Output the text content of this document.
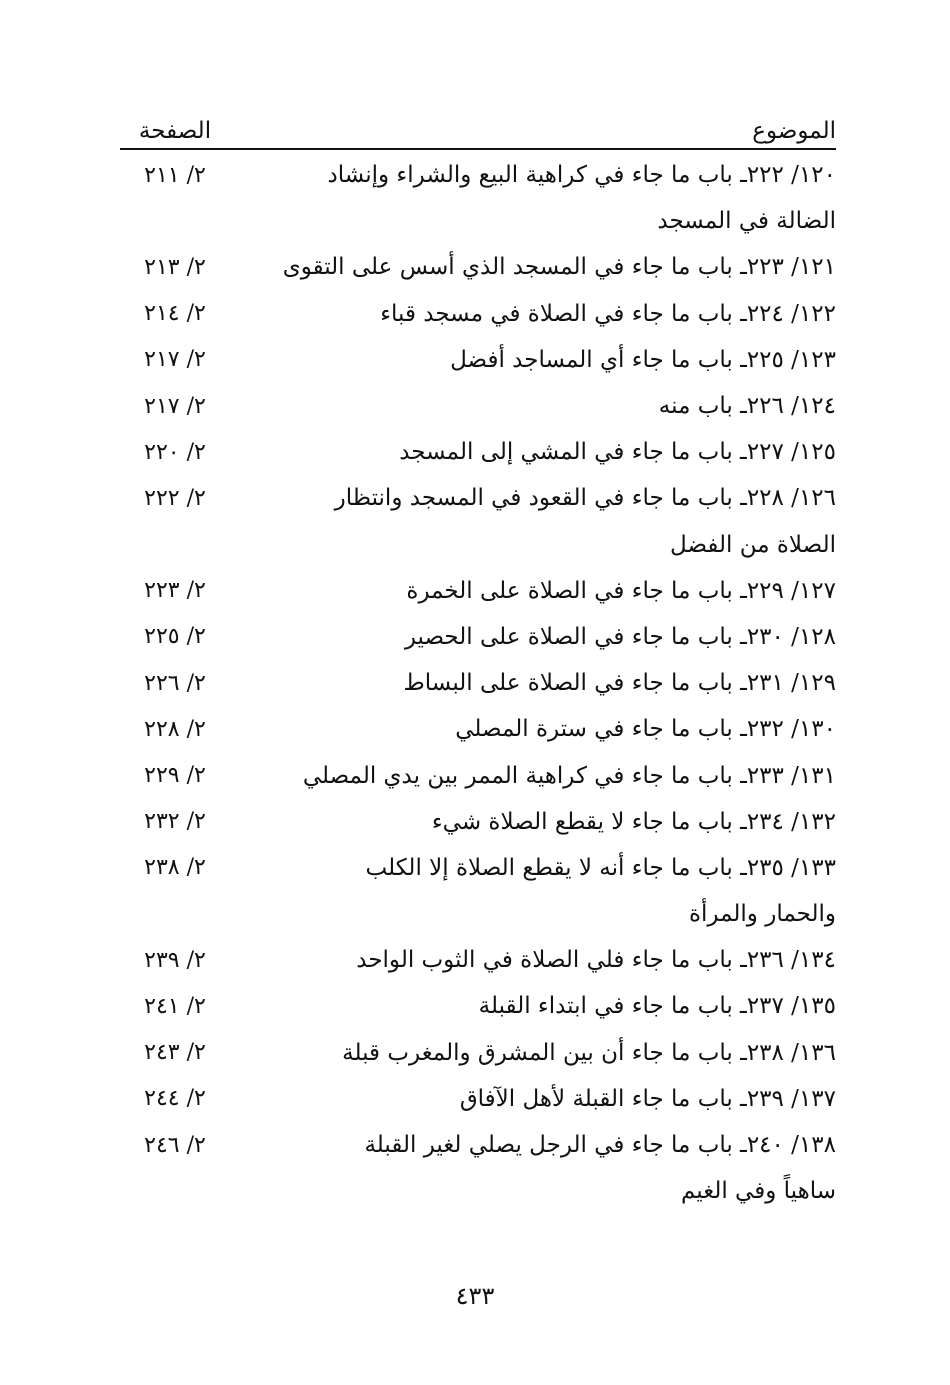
الموضوع
الصفحة
١٢٠/ ٢٢٢ـ باب ما جاء في كراهية البيع والشراء وإنشاد
٢/ ٢١١
الضالة في المسجد
١٢١/ ٢٢٣ـ باب ما جاء في المسجد الذي أسس على التقوى
٢/ ٢١٣
١٢٢/ ٢٢٤ـ باب ما جاء في الصلاة في مسجد قباء
٢/ ٢١٤
١٢٣/ ٢٢٥ـ باب ما جاء أي المساجد أفضل
٢/ ٢١٧
١٢٤/ ٢٢٦ـ باب منه
٢/ ٢١٧
١٢٥/ ٢٢٧ـ باب ما جاء في المشي إلى المسجد
٢/ ٢٢٠
١٢٦/ ٢٢٨ـ باب ما جاء في القعود في المسجد وانتظار
٢/ ٢٢٢
الصلاة من الفضل
١٢٧/ ٢٢٩ـ باب ما جاء في الصلاة على الخمرة
٢/ ٢٢٣
١٢٨/ ٢٣٠ـ باب ما جاء في الصلاة على الحصير
٢/ ٢٢٥
١٢٩/ ٢٣١ـ باب ما جاء في الصلاة على البساط
٢/ ٢٢٦
١٣٠/ ٢٣٢ـ باب ما جاء في سترة المصلي
٢/ ٢٢٨
١٣١/ ٢٣٣ـ باب ما جاء في كراهية الممر بين يدي المصلي
٢/ ٢٢٩
١٣٢/ ٢٣٤ـ باب ما جاء لا يقطع الصلاة شيء
٢/ ٢٣٢
١٣٣/ ٢٣٥ـ باب ما جاء أنه لا يقطع الصلاة إلا الكلب
٢/ ٢٣٨
والحمار والمرأة
١٣٤/ ٢٣٦ـ باب ما جاء فلي الصلاة في الثوب الواحد
٢/ ٢٣٩
١٣٥/ ٢٣٧ـ باب ما جاء في ابتداء القبلة
٢/ ٢٤١
١٣٦/ ٢٣٨ـ باب ما جاء أن بين المشرق والمغرب قبلة
٢/ ٢٤٣
١٣٧/ ٢٣٩ـ باب ما جاء القبلة لأهل الآفاق
٢/ ٢٤٤
١٣٨/ ٢٤٠ـ باب ما جاء في الرجل يصلي لغير القبلة
٢/ ٢٤٦
ساهياً وفي الغيم
٤٣٣
